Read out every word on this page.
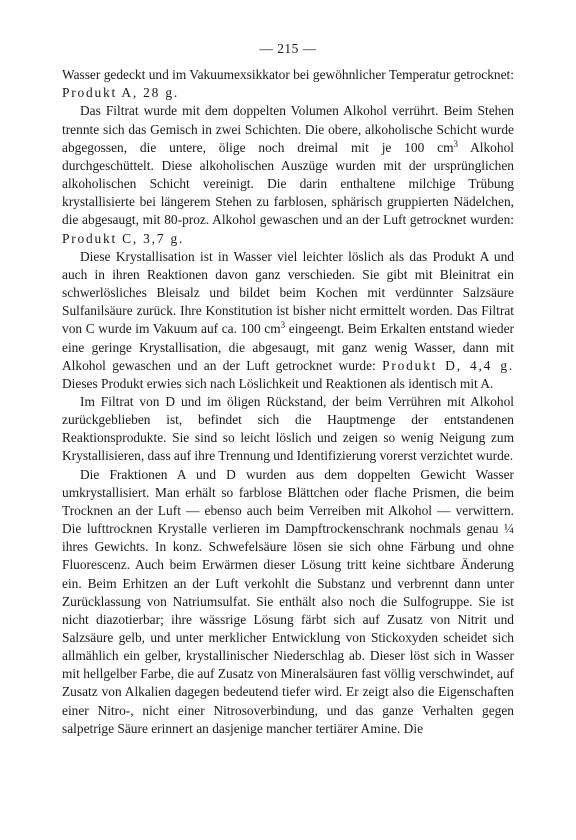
— 215 —

Wasser gedeckt und im Vakuumexsikkator bei gewöhnlicher Temperatur getrocknet: Produkt A, 28 g.

Das Filtrat wurde mit dem doppelten Volumen Alkohol verrührt. Beim Stehen trennte sich das Gemisch in zwei Schichten. Die obere, alkoholische Schicht wurde abgegossen, die untere, ölige noch dreimal mit je 100 $cm^3$ Alkohol durchgeschüttelt. Diese alkoholischen Auszüge wurden mit der ursprünglichen alkoholischen Schicht vereinigt. Die darin enthaltene milchige Trübung krystallisierte bei längerem Stehen zu farblosen, sphärisch gruppierten Nädelchen, die abgesaugt, mit 80-proz. Alkohol gewaschen und an der Luft getrocknet wurden: Produkt C, 3,7 g.

Diese Krystallisation ist in Wasser viel leichter löslich als das Produkt A und auch in ihren Reaktionen davon ganz verschieden. Sie gibt mit Bleinitrat ein schwerlösliches Bleisalz und bildet beim Kochen mit verdünnter Salzsäure Sulfanilsäure zurück. Ihre Konstitution ist bisher nicht ermittelt worden. Das Filtrat von C wurde im Vakuum auf ca. 100 $cm^3$ eingeengt. Beim Erkalten entstand wieder eine geringe Krystallisation, die abgesaugt, mit ganz wenig Wasser, dann mit Alkohol gewaschen und an der Luft getrocknet wurde: Produkt D, 4,4 g. Dieses Produkt erwies sich nach Löslichkeit und Reaktionen als identisch mit A.

Im Filtrat von D und im öligen Rückstand, der beim Verrühren mit Alkohol zurückgeblieben ist, befindet sich die Hauptmenge der entstandenen Reaktionsprodukte. Sie sind so leicht löslich und zeigen so wenig Neigung zum Krystallisieren, dass auf ihre Trennung und Identifizierung vorerst verzichtet wurde.

Die Fraktionen A und D wurden aus dem doppelten Gewicht Wasser umkrystallisiert. Man erhält so farblose Blättchen oder flache Prismen, die beim Trocknen an der Luft — ebenso auch beim Verreiben mit Alkohol — verwittern. Die lufttrocknen Krystalle verlieren im Dampftrockenschrank nochmals genau ¼ ihres Gewichts. In konz. Schwefelsäure lösen sie sich ohne Färbung und ohne Fluorescenz. Auch beim Erwärmen dieser Lösung tritt keine sichtbare Änderung ein. Beim Erhitzen an der Luft verkohlt die Substanz und verbrennt dann unter Zurücklassung von Natriumsulfat. Sie enthält also noch die Sulfogruppe. Sie ist nicht diazotierbar; ihre wässrige Lösung färbt sich auf Zusatz von Nitrit und Salzsäure gelb, und unter merklicher Entwicklung von Stickoxyden scheidet sich allmählich ein gelber, krystallinischer Niederschlag ab. Dieser löst sich in Wasser mit hellgelber Farbe, die auf Zusatz von Mineralsäuren fast völlig verschwindet, auf Zusatz von Alkalien dagegen bedeutend tiefer wird. Er zeigt also die Eigenschaften einer Nitro-, nicht einer Nitrosoverbindung, und das ganze Verhalten gegen salpetrige Säure erinnert an dasjenige mancher tertiärer Amine. Die
